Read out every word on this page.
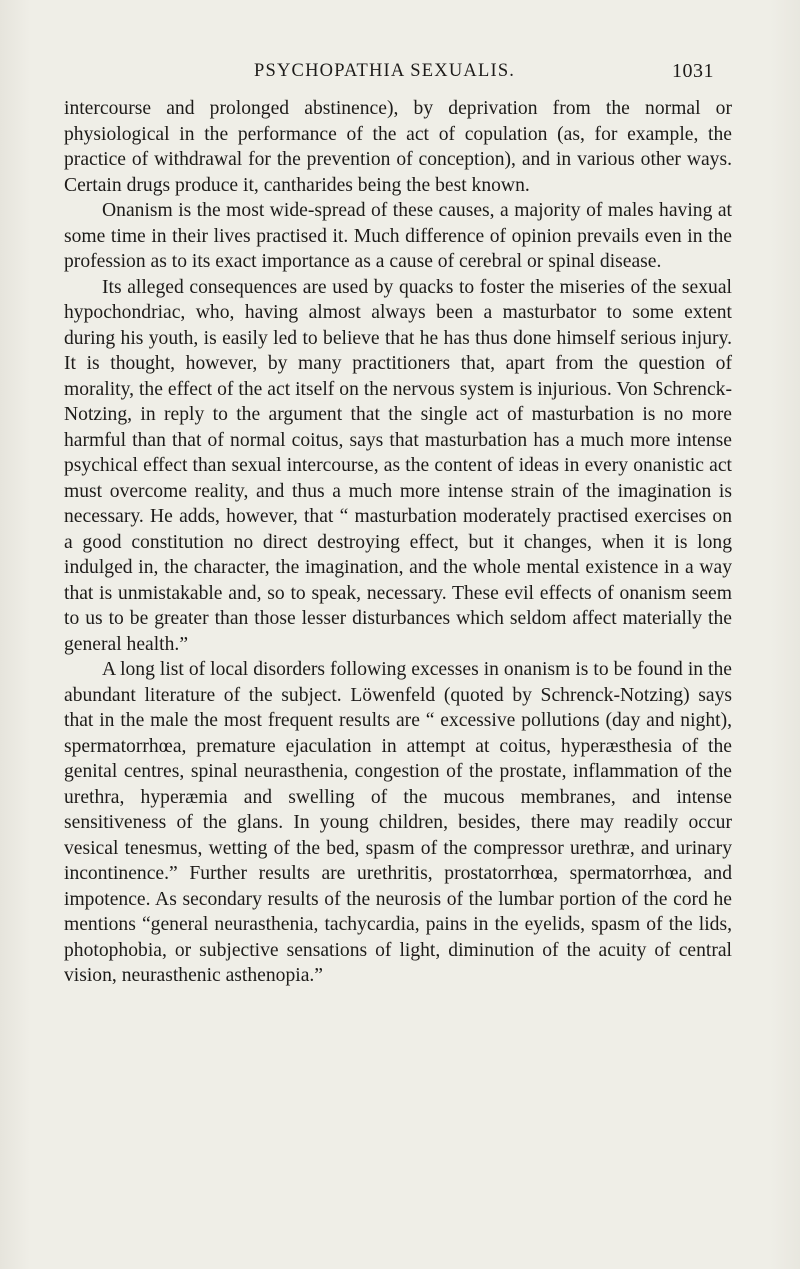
PSYCHOPATHIA SEXUALIS.	1031

intercourse and prolonged abstinence), by deprivation from the normal or physiological in the performance of the act of copulation (as, for example, the practice of withdrawal for the prevention of conception), and in various other ways. Certain drugs produce it, cantharides being the best known.

Onanism is the most wide-spread of these causes, a majority of males having at some time in their lives practised it. Much difference of opinion prevails even in the profession as to its exact importance as a cause of cerebral or spinal disease.

Its alleged consequences are used by quacks to foster the miseries of the sexual hypochondriac, who, having almost always been a masturbator to some extent during his youth, is easily led to believe that he has thus done himself serious injury. It is thought, however, by many practitioners that, apart from the question of morality, the effect of the act itself on the nervous system is injurious. Von Schrenck-Notzing, in reply to the argument that the single act of masturbation is no more harmful than that of normal coitus, says that masturbation has a much more intense psychical effect than sexual intercourse, as the content of ideas in every onanistic act must overcome reality, and thus a much more intense strain of the imagination is necessary. He adds, however, that “ masturbation moderately practised exercises on a good constitution no direct destroying effect, but it changes, when it is long indulged in, the character, the imagination, and the whole mental existence in a way that is unmistakable and, so to speak, necessary. These evil effects of onanism seem to us to be greater than those lesser disturbances which seldom affect materially the general health.”

A long list of local disorders following excesses in onanism is to be found in the abundant literature of the subject. Löwenfeld (quoted by Schrenck-Notzing) says that in the male the most frequent results are “ excessive pollutions (day and night), spermatorrhœa, premature ejaculation in attempt at coitus, hyperæsthesia of the genital centres, spinal neurasthenia, congestion of the prostate, inflammation of the urethra, hyperæmia and swelling of the mucous membranes, and intense sensitiveness of the glans. In young children, besides, there may readily occur vesical tenesmus, wetting of the bed, spasm of the compressor urethræ, and urinary incontinence.” Further results are urethritis, prostatorrhœa, spermatorrhœa, and impotence. As secondary results of the neurosis of the lumbar portion of the cord he mentions “general neurasthenia, tachycardia, pains in the eyelids, spasm of the lids, photophobia, or subjective sensations of light, diminution of the acuity of central vision, neurasthenic asthenopia.”
